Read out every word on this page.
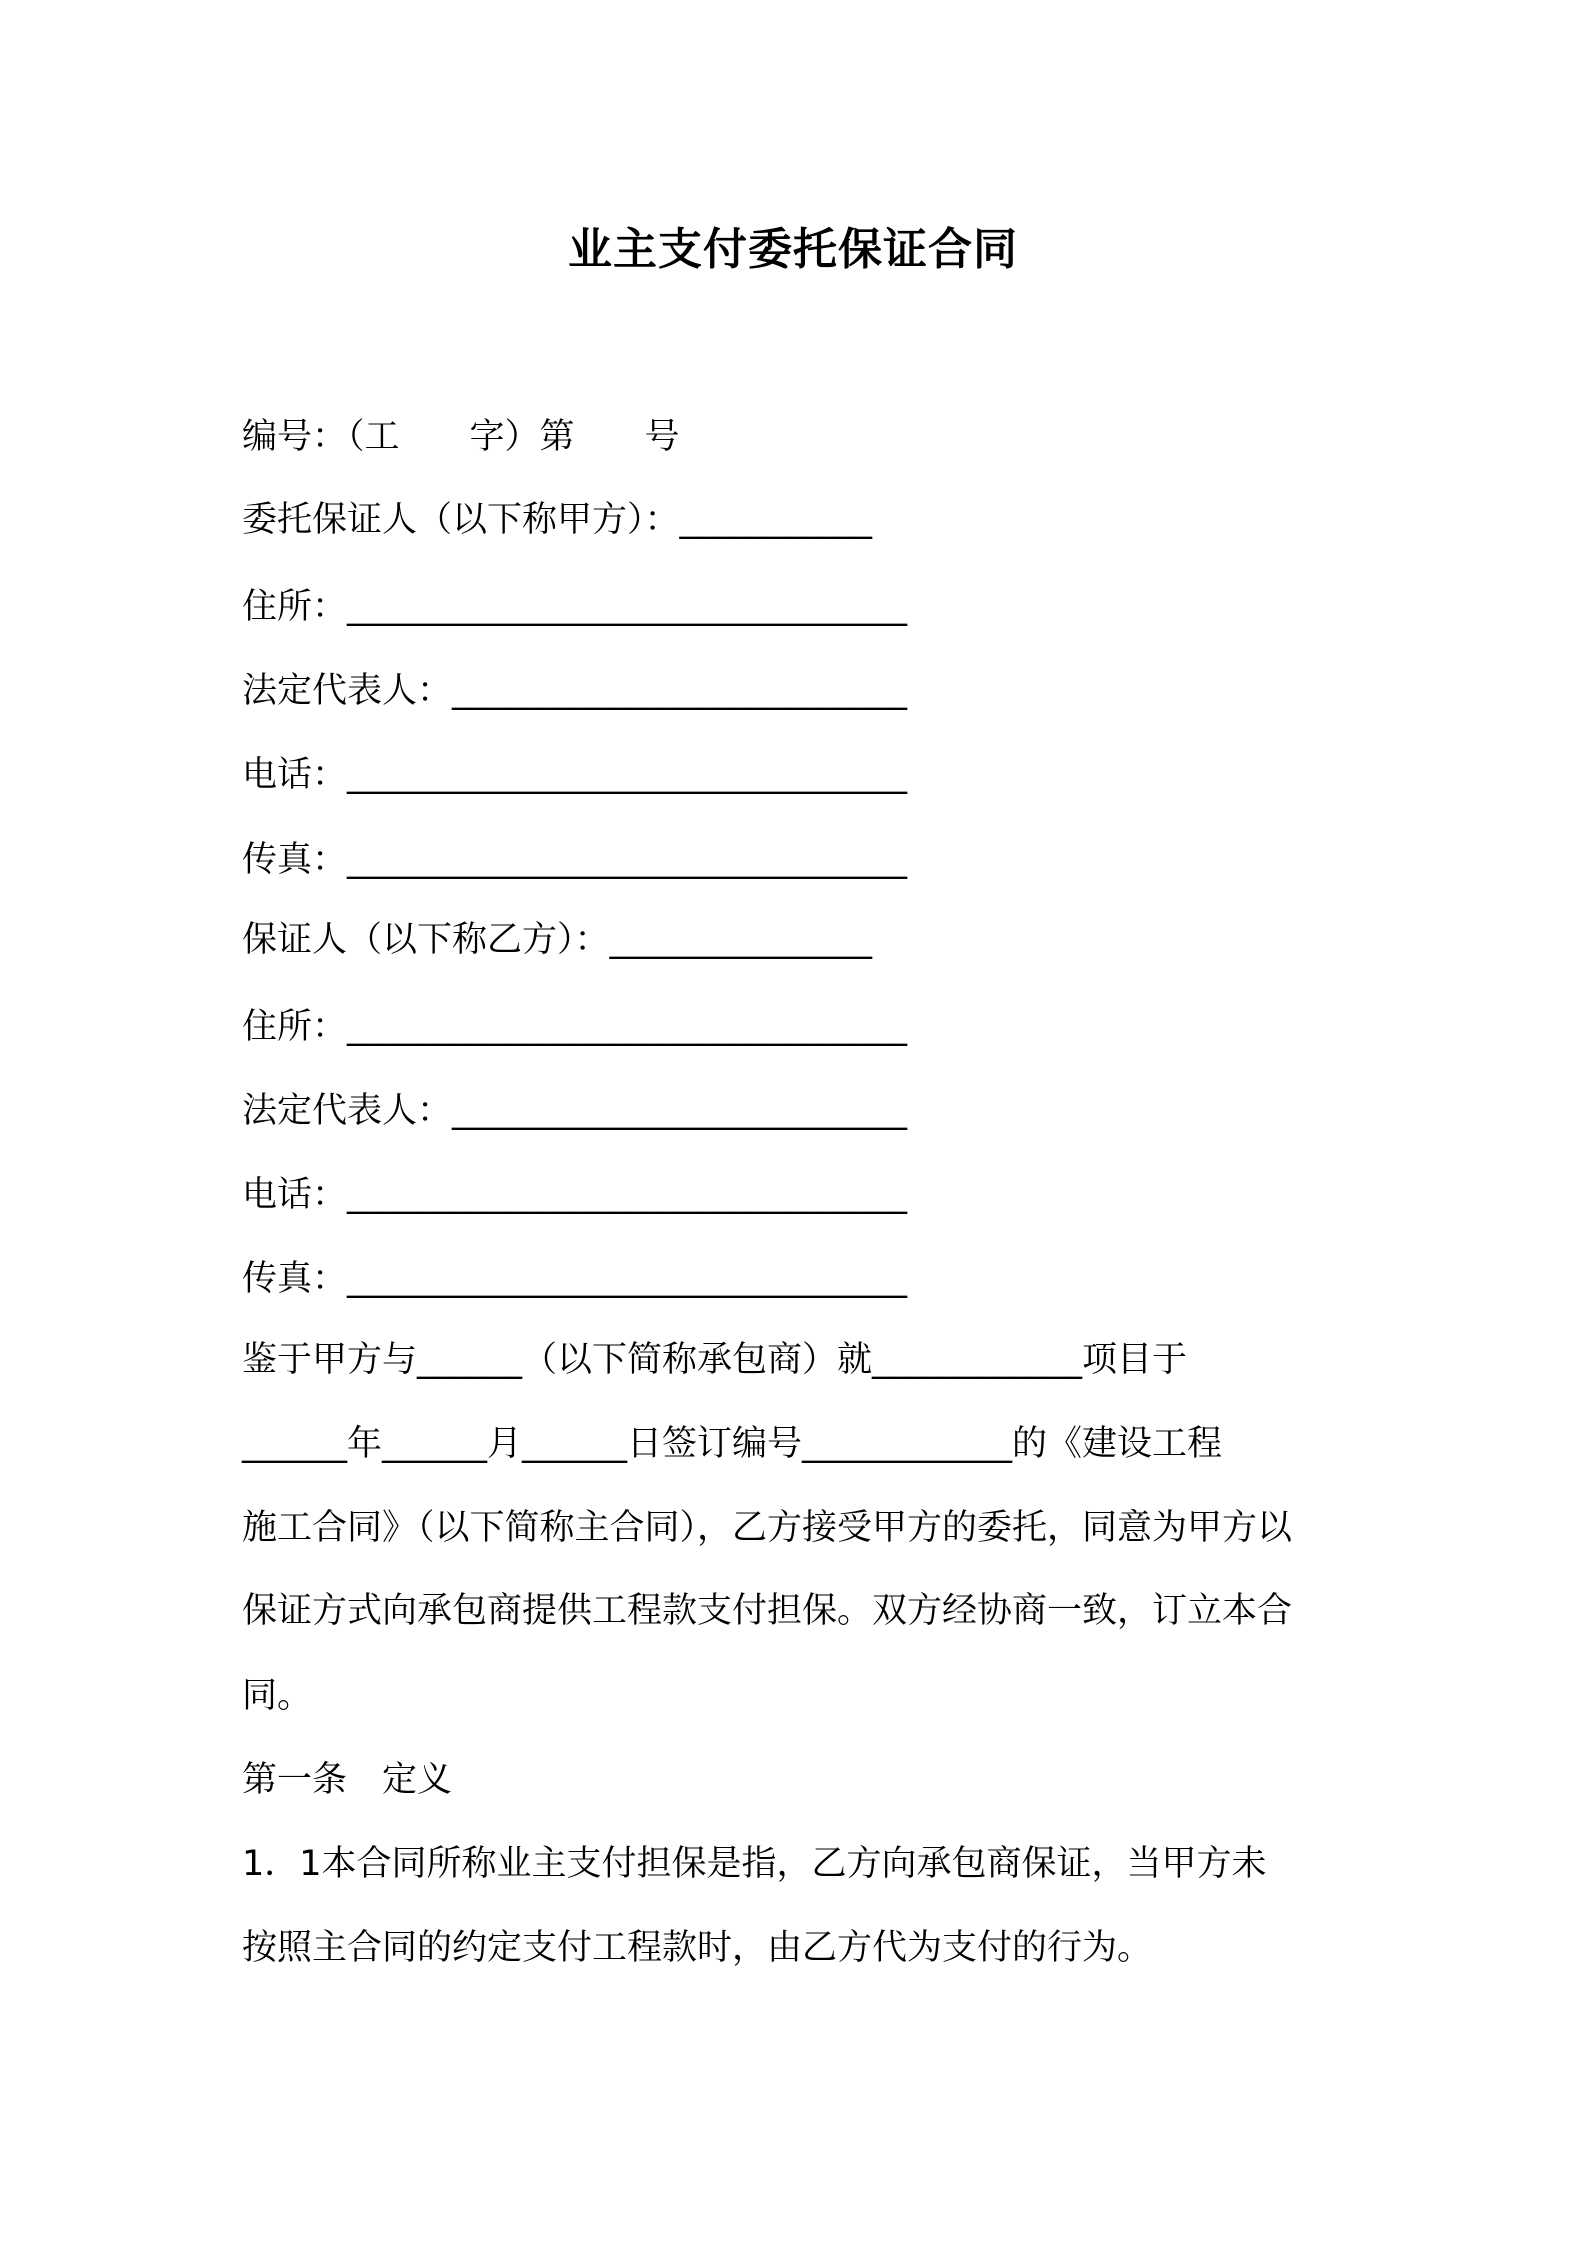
业主支付委托保证合同
编号：（工　　字）第　　号
委托保证人（以下称甲方）：___________
住所：________________________________
法定代表人：__________________________
电话：________________________________
传真：________________________________
保证人（以下称乙方）：_______________
住所：________________________________
法定代表人：__________________________
电话：________________________________
传真：________________________________
鉴于甲方与______（以下简称承包商）就____________项目于
______年______月______日签订编号____________的《建设工程
施工合同》（以下简称主合同），乙方接受甲方的委托，同意为甲方以
保证方式向承包商提供工程款支付担保。双方经协商一致，订立本合
同。
第一条　定义
1．1本合同所称业主支付担保是指，乙方向承包商保证，当甲方未
按照主合同的约定支付工程款时，由乙方代为支付的行为。
